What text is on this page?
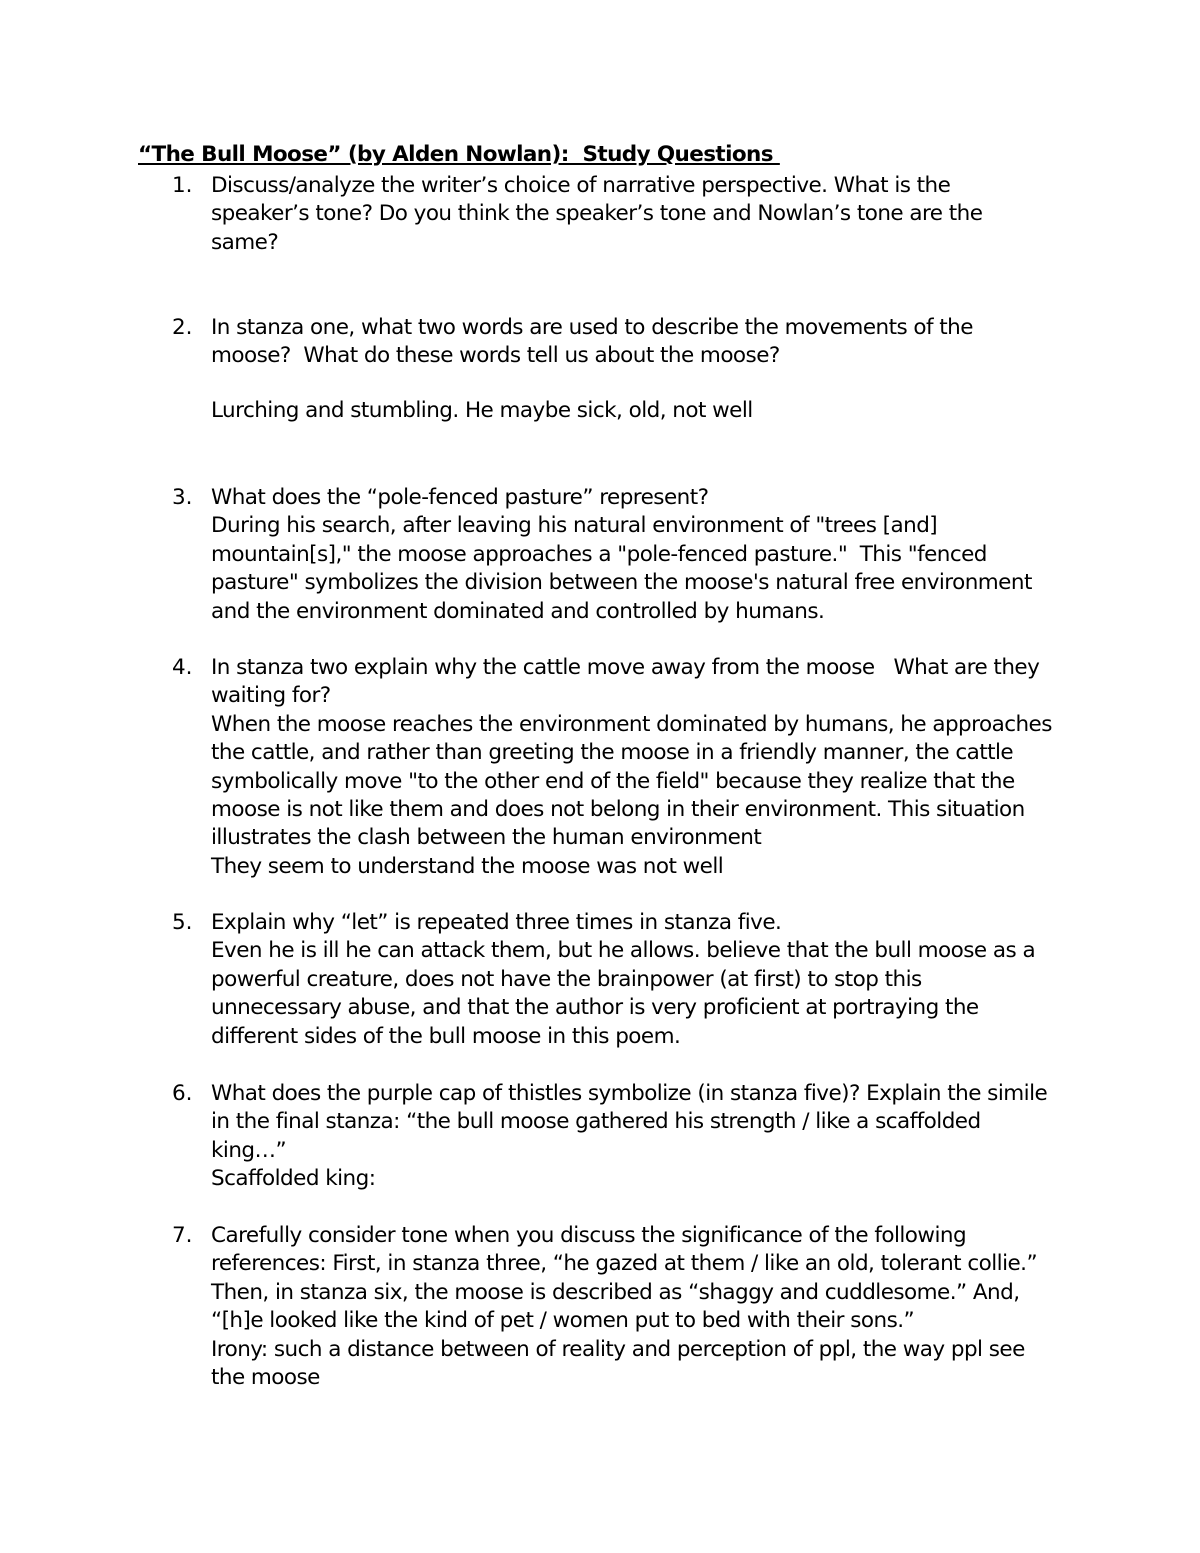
“The Bull Moose” (by Alden Nowlan):  Study Questions
1. Discuss/analyze the writer’s choice of narrative perspective. What is the
speaker’s tone? Do you think the speaker’s tone and Nowlan’s tone are the
same?
2. In stanza one, what two words are used to describe the movements of the
moose?  What do these words tell us about the moose?
Lurching and stumbling. He maybe sick, old, not well
3. What does the “pole-fenced pasture” represent?
During his search, after leaving his natural environment of "trees [and]
mountain[s]," the moose approaches a "pole-fenced pasture."  This "fenced
pasture" symbolizes the division between the moose's natural free environment
and the environment dominated and controlled by humans.
4. In stanza two explain why the cattle move away from the moose   What are they
waiting for?
When the moose reaches the environment dominated by humans, he approaches
the cattle, and rather than greeting the moose in a friendly manner, the cattle
symbolically move "to the other end of the field" because they realize that the
moose is not like them and does not belong in their environment. This situation
illustrates the clash between the human environment
They seem to understand the moose was not well
5. Explain why “let” is repeated three times in stanza five.
Even he is ill he can attack them, but he allows. believe that the bull moose as a
powerful creature, does not have the brainpower (at first) to stop this
unnecessary abuse, and that the author is very proficient at portraying the
different sides of the bull moose in this poem.
6. What does the purple cap of thistles symbolize (in stanza five)? Explain the simile
in the final stanza: “the bull moose gathered his strength / like a scaffolded
king…”
Scaffolded king:
7. Carefully consider tone when you discuss the significance of the following
references: First, in stanza three, “he gazed at them / like an old, tolerant collie.”
Then, in stanza six, the moose is described as “shaggy and cuddlesome.” And,
“[h]e looked like the kind of pet / women put to bed with their sons.”
Irony: such a distance between of reality and perception of ppl, the way ppl see
the moose
